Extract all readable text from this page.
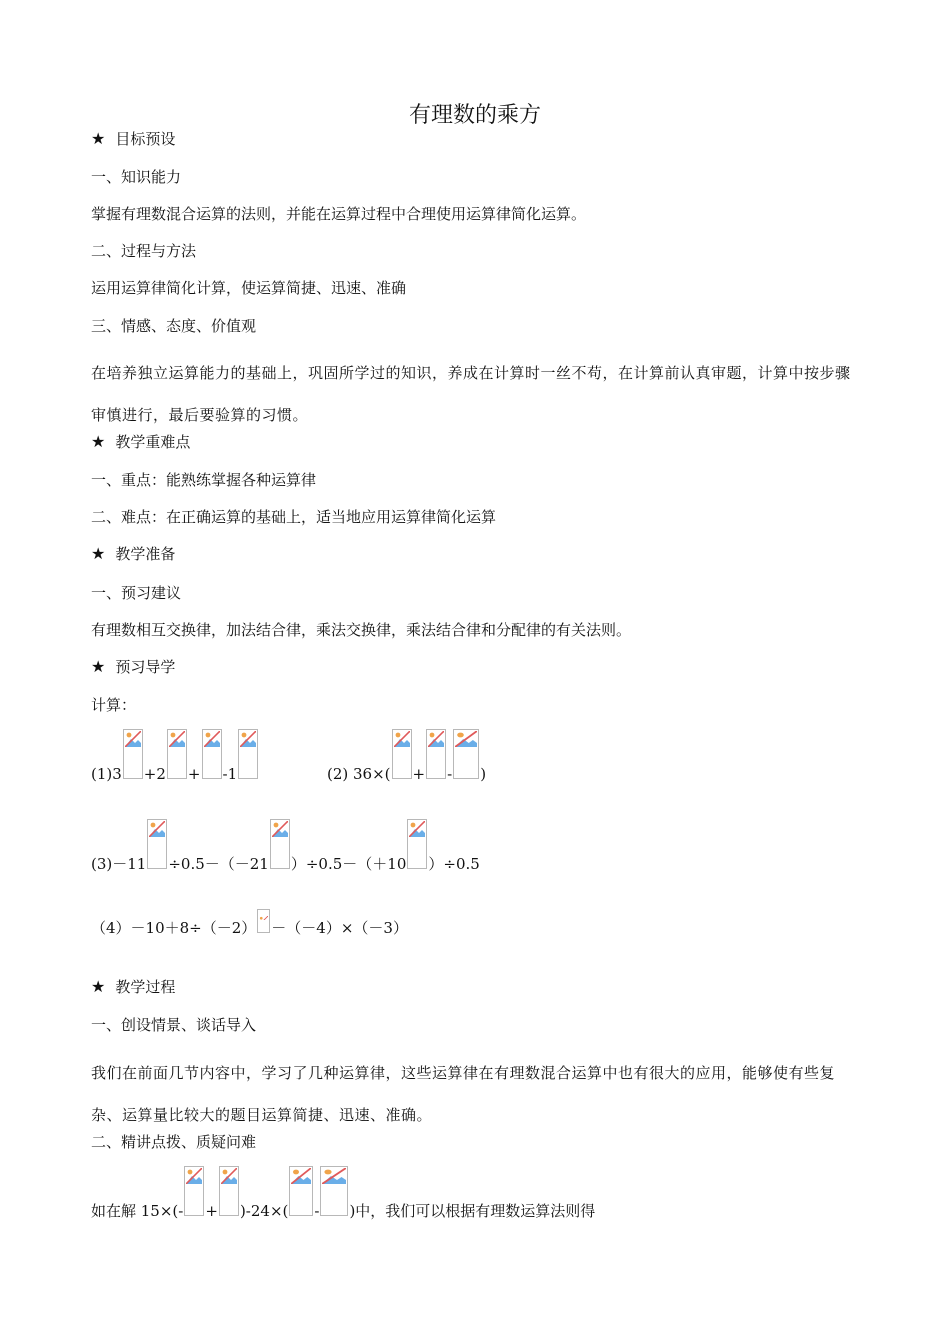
有理数的乘方
★ 目标预设
一、知识能力
掌握有理数混合运算的法则，并能在运算过程中合理使用运算律简化运算。
二、过程与方法
运用运算律简化计算，使运算简捷、迅速、准确
三、情感、态度、价值观
在培养独立运算能力的基础上，巩固所学过的知识，养成在计算时一丝不苟，在计算前认真审题，计算中按步骤审慎进行，最后要验算的习惯。
★ 教学重难点
一、重点：能熟练掌握各种运算律
二、难点：在正确运算的基础上，适当地应用运算律简化运算
★ 教学准备
一、预习建议
有理数相互交换律，加法结合律，乘法交换律，乘法结合律和分配律的有关法则。
★ 预习导学
计算：
(1)3 +2 + -1	(2) 36×( + - )
(3)－11 ÷0.5－（－21 ）÷0.5－（＋10 ）÷0.5
（4）－10＋8÷（－2） －（－4）×（－3）
★ 教学过程
一、创设情景、谈话导入
我们在前面几节内容中，学习了几种运算律，这些运算律在有理数混合运算中也有很大的应用，能够使有些复杂、运算量比较大的题目运算简捷、迅速、准确。
二、精讲点拨、质疑问难
如在解 15×(- + )-24×( - )中，我们可以根据有理数运算法则得
